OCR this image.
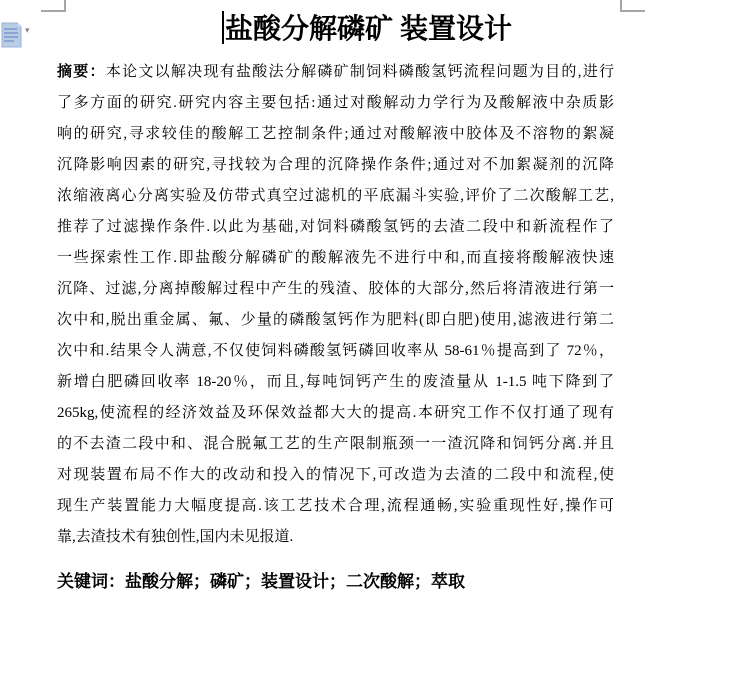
▾	盐酸分解磷矿 装置设计
摘要：本论文以解决现有盐酸法分解磷矿制饲料磷酸氢钙流程问题为目的,进行
了多方面的研究.研究内容主要包括:通过对酸解动力学行为及酸解液中杂质影
响的研究,寻求较佳的酸解工艺控制条件;通过对酸解液中胶体及不溶物的絮凝
沉降影响因素的研究,寻找较为合理的沉降操作条件;通过对不加絮凝剂的沉降
浓缩液离心分离实验及仿带式真空过滤机的平底漏斗实验,评价了二次酸解工艺,
推荐了过滤操作条件.以此为基础,对饲料磷酸氢钙的去渣二段中和新流程作了
一些探索性工作.即盐酸分解磷矿的酸解液先不进行中和,而直接将酸解液快速
沉降、过滤,分离掉酸解过程中产生的残渣、胶体的大部分,然后将清液进行第一
次中和,脱出重金属、氟、少量的磷酸氢钙作为肥料(即白肥)使用,滤液进行第二
次中和.结果令人满意,不仅使饲料磷酸氢钙磷回收率从 58-61％提高到了 72％，
新增白肥磷回收率 18-20％，而且,每吨饲钙产生的废渣量从 1-1.5 吨下降到了
265kg,使流程的经济效益及环保效益都大大的提高.本研究工作不仅打通了现有
的不去渣二段中和、混合脱氟工艺的生产限制瓶颈一一渣沉降和饲钙分离.并且
对现装置布局不作大的改动和投入的情况下,可改造为去渣的二段中和流程,使
现生产装置能力大幅度提高.该工艺技术合理,流程通畅,实验重现性好,操作可
靠,去渣技术有独创性,国内未见报道.
关键词：盐酸分解；磷矿；装置设计；二次酸解；萃取
